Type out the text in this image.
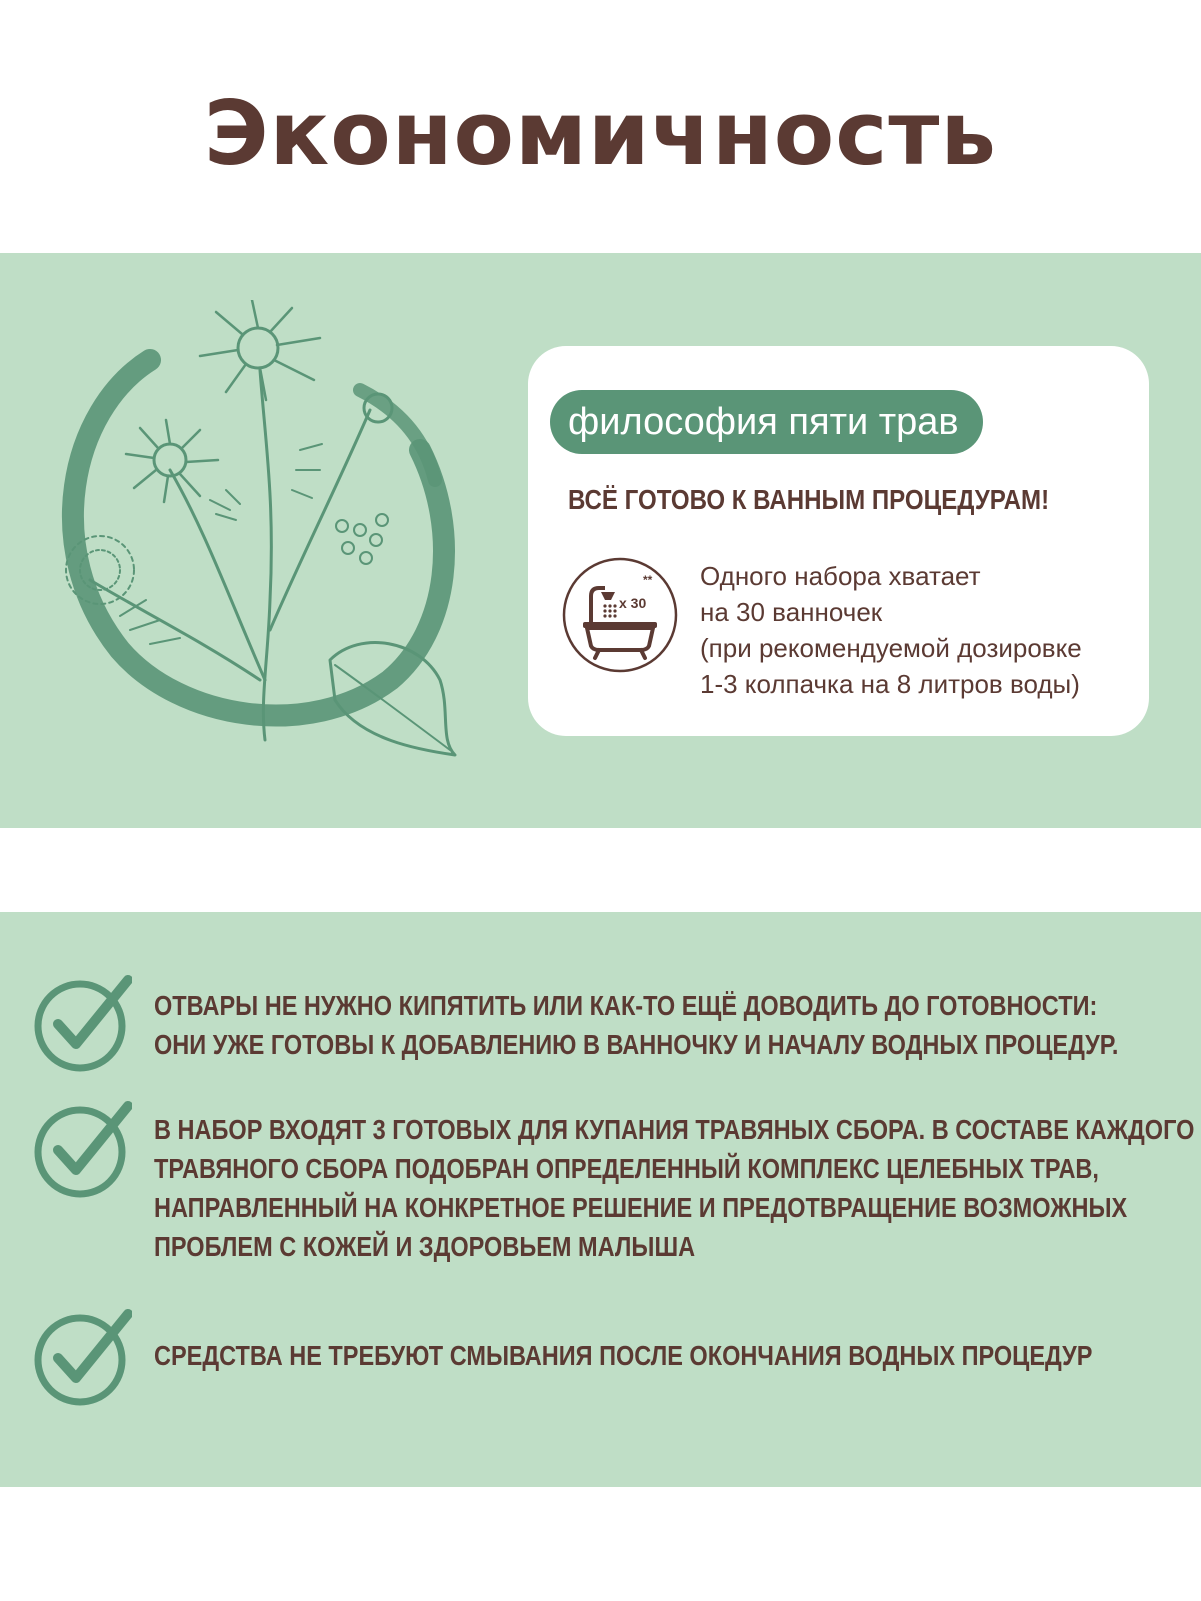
Экономичность
философия пяти трав
ВСЁ ГОТОВО К ВАННЫМ ПРОЦЕДУРАМ!
x 30
** Одного набора хватает
на 30 ванночек
(при рекомендуемой дозировке
1-3 колпачка на 8 литров воды)
ОТВАРЫ НЕ НУЖНО КИПЯТИТЬ ИЛИ КАК-ТО ЕЩЁ ДОВОДИТЬ ДО ГОТОВНОСТИ:
ОНИ УЖЕ ГОТОВЫ К ДОБАВЛЕНИЮ В ВАННОЧКУ И НАЧАЛУ ВОДНЫХ ПРОЦЕДУР.
В НАБОР ВХОДЯТ 3 ГОТОВЫХ ДЛЯ КУПАНИЯ ТРАВЯНЫХ СБОРА. В СОСТАВЕ КАЖДОГО
ТРАВЯНОГО СБОРА ПОДОБРАН ОПРЕДЕЛЕННЫЙ КОМПЛЕКС ЦЕЛЕБНЫХ ТРАВ,
НАПРАВЛЕННЫЙ НА КОНКРЕТНОЕ РЕШЕНИЕ И ПРЕДОТВРАЩЕНИЕ ВОЗМОЖНЫХ
ПРОБЛЕМ С КОЖЕЙ И ЗДОРОВЬЕМ МАЛЫША
СРЕДСТВА НЕ ТРЕБУЮТ СМЫВАНИЯ ПОСЛЕ ОКОНЧАНИЯ ВОДНЫХ ПРОЦЕДУР
